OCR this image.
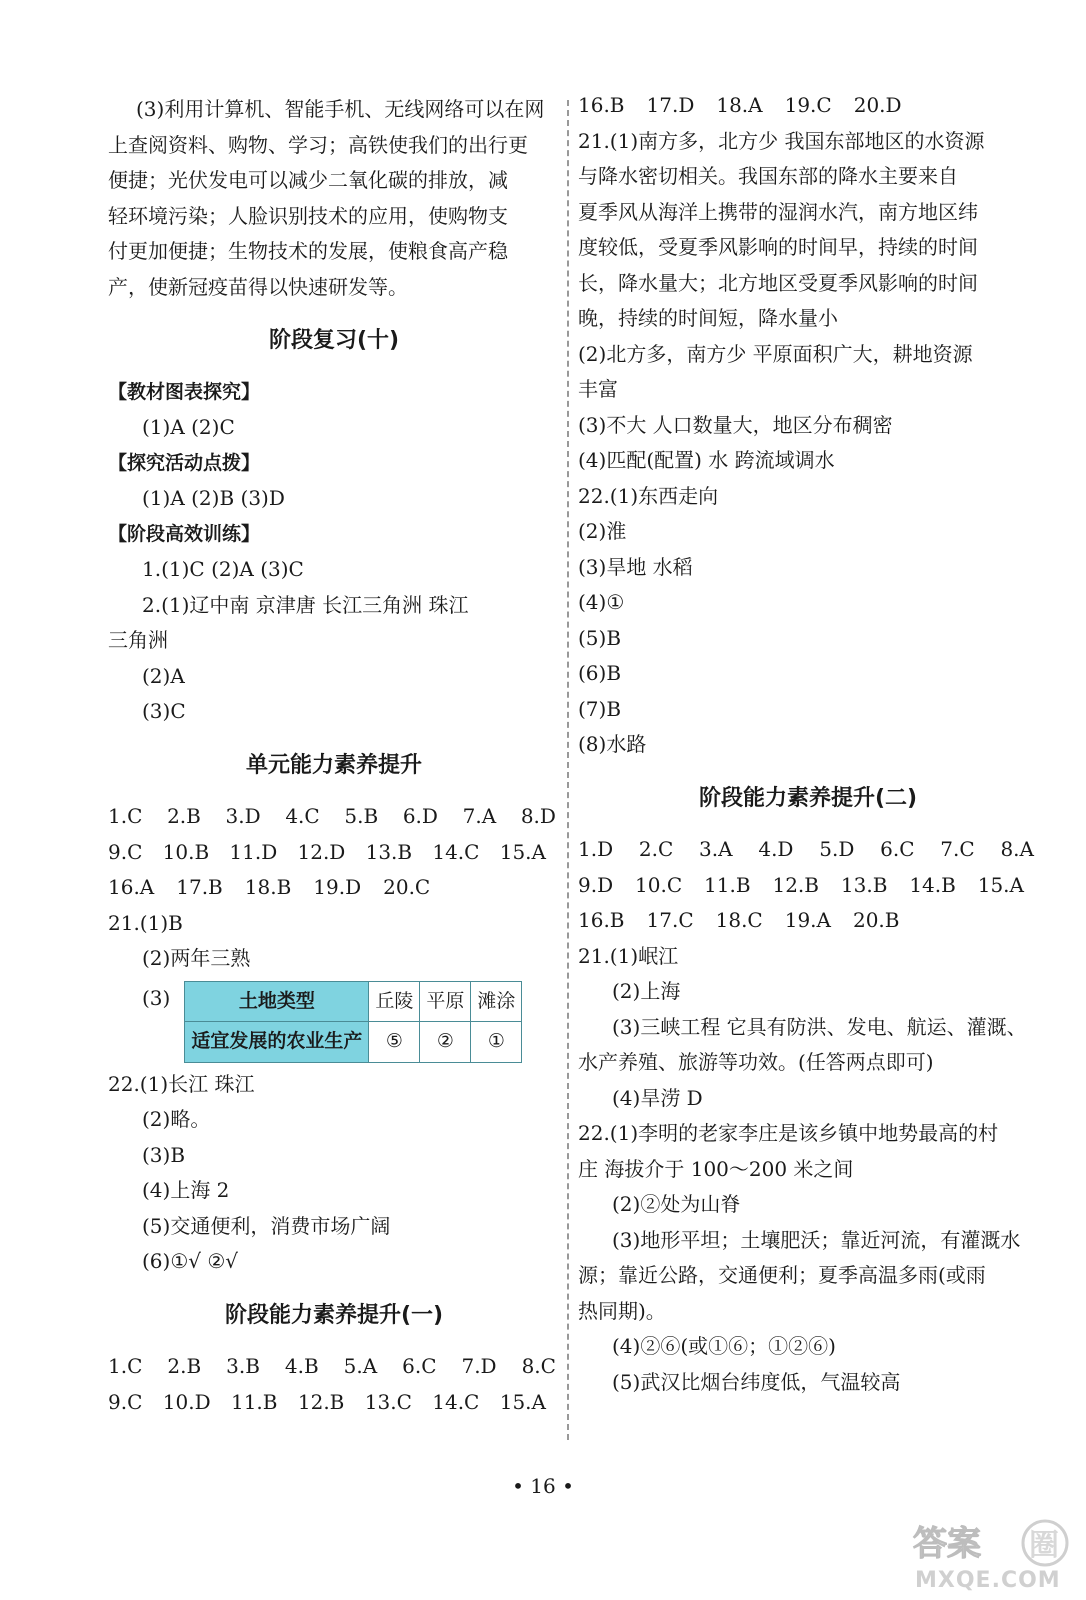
(3)利用计算机、智能手机、无线网络可以在网

上查阅资料、购物、学习；高铁使我们的出行更

便捷；光伏发电可以减少二氧化碳的排放，减

轻环境污染；人脸识别技术的应用，使购物支

付更加便捷；生物技术的发展，使粮食高产稳

产，使新冠疫苗得以快速研发等。

阶段复习(十)

【教材图表探究】

(1)A (2)C

【探究活动点拨】

(1)A (2)B (3)D

【阶段高效训练】

1.(1)C (2)A (3)C

2.(1)辽中南 京津唐 长江三角洲 珠江

三角洲

(2)A

(3)C

单元能力素养提升
1.C 2.B 3.D 4.C 5.B 6.D 7.A 8.D
9.C 10.B 11.D 12.D 13.B 14.C 15.A
16.A 17.B 18.B 19.D 20.C

21.(1)B

(2)两年三熟

(3)	土地类型	丘陵	平原	滩涂
适宜发展的农业生产	⑤	②	①

22.(1)长江 珠江

(2)略。

(3)B

(4)上海 2

(5)交通便利，消费市场广阔

(6)①√ ②√

阶段能力素养提升(一)
1.C 2.B 3.B 4.B 5.A 6.C 7.D 8.C
9.C 10.D 11.B 12.B 13.C 14.C 15.A
16.B 17.D 18.A 19.C 20.D

21.(1)南方多，北方少 我国东部地区的水资源

与降水密切相关。我国东部的降水主要来自

夏季风从海洋上携带的湿润水汽，南方地区纬

度较低，受夏季风影响的时间早，持续的时间

长，降水量大；北方地区受夏季风影响的时间

晚，持续的时间短，降水量小

(2)北方多，南方少 平原面积广大，耕地资源

丰富

(3)不大 人口数量大，地区分布稠密

(4)匹配(配置) 水 跨流域调水

22.(1)东西走向

(2)淮

(3)旱地 水稻

(4)①

(5)B

(6)B

(7)B

(8)水路

阶段能力素养提升(二)
1.D 2.C 3.A 4.D 5.D 6.C 7.C 8.A
9.D 10.C 11.B 12.B 13.B 14.B 15.A
16.B 17.C 18.C 19.A 20.B

21.(1)岷江

(2)上海

(3)三峡工程 它具有防洪、发电、航运、灌溉、

水产养殖、旅游等功效。(任答两点即可)

(4)旱涝 D

22.(1)李明的老家李庄是该乡镇中地势最高的村

庄 海拔介于 100～200 米之间

(2)②处为山脊

(3)地形平坦；土壤肥沃；靠近河流，有灌溉水

源；靠近公路，交通便利；夏季高温多雨(或雨

热同期)。

(4)②⑥(或①⑥；①②⑥)

(5)武汉比烟台纬度低，气温较高

• 16 •
答案 圈
MXQE.COM
